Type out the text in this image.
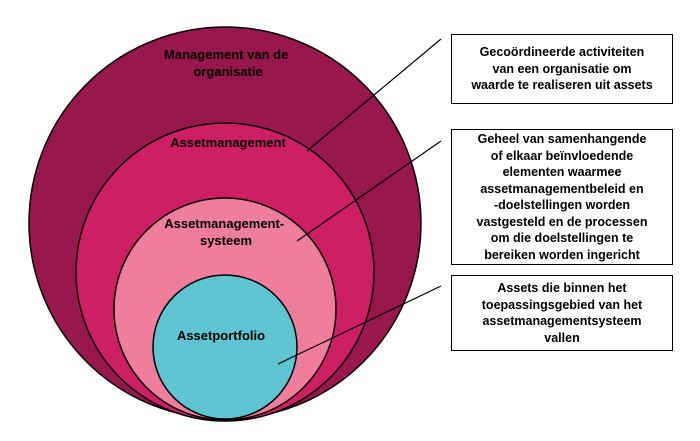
Management van de organisatie
Assetmanagement
Assetmanagement- systeem
Assetportfolio
Gecoördineerde activiteiten
van een organisatie om
waarde te realiseren uit assets
Geheel van samenhangende
of elkaar beïnvloedende
elementen waarmee
assetmanagementbeleid en
-doelstellingen worden
vastgesteld en de processen
om die doelstellingen te
bereiken worden ingericht
Assets die binnen het
toepassingsgebied van het
assetmanagementsysteem
vallen
